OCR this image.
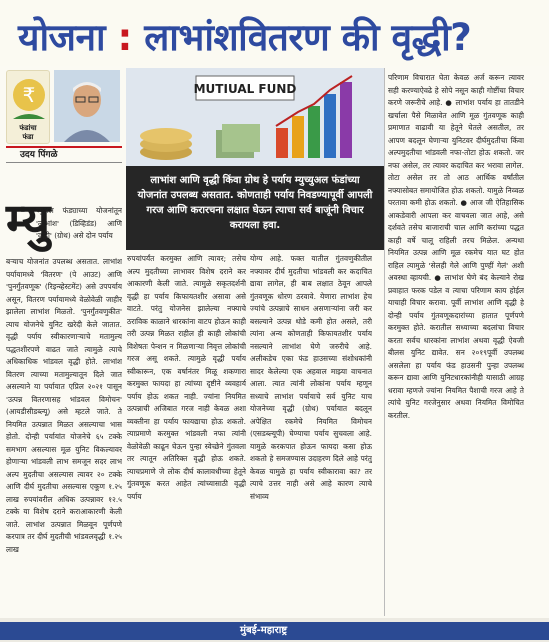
योजना : लाभांशवितरण की वृद्धी?
₹
फंडांचा
फंडा
उदय पिंगळे
MUTIUAL FUND
लाभांश आणि वृद्धी किंवा ग्रोथ हे पर्याय म्युच्युअल फंडांच्या योजनांत उपलब्ध असतात. कोणताही पर्याय निवडण्यापूर्वी आपली गरज आणि करारचना लक्षात घेऊन त्याचा सर्व बाजूंनी विचार करायला हवा.
म्यु

च्युअल फंड्याच्या योजनांतून 'लाभांश' (डिव्हिडंड) आणि 'वृद्धी' (ग्रोथ) असे दोन पर्याय

बऱ्याच योजनांत उपलब्ध असतात. लाभांश पर्यायामध्ये 'वितरण' (पे आउट) आणि 'पुनर्गुंतवणूक' (रिइन्व्हेस्टमेंट) असे उपपर्याय असून, वितरण पर्यायामध्ये वेळोवेळी जाहीर झालेला लाभांश मिळतो. 'पुनर्गुंतवणुकीत' त्याच योजनेचे युनिट खरेदी केले जातात. वृद्धी पर्याय स्वीकारणाऱ्याचे मतामुल्य पद्धतशीरपणे वाढत जाते त्यामुळे त्याचे अधिकाधिक भांडवल वृद्धी होते. लाभांश वितरण त्याच्या मतामुल्यातून दिले जात असल्याने या पर्यायात एप्रिल २०२१ पासून 'उत्पन्न वितरणासह भांडवल विमोचन' (आयडीसीडब्ल्यू) असे म्हटले जाते. ते नियमित उत्पन्नात मिळत असल्याचा भास होतो. दोन्ही पर्यायांत योजनेचे ६५ टक्के समभाग असल्यास मूळ युनिट विकल्यावर होणाऱ्या भांडवली लाभ समजून सदर लाभ अल्प मुदतीचा असल्यास त्यावर २० टक्के आणि दीर्घ मुदतीचा असल्यास एकूण १.२५ लाख रुपयांवरील अधिक उत्पन्नावर १२.५ टक्के या विशेष दराने कराआकारणी केली जाते. लाभांश उत्पन्नात मिळवून पूर्णपणे करपात्र तर दीर्घ मुदतीची भांडवलवृद्धी १.२५ लाख

रुपयांपर्यंत करमुक्त आणि त्यावर; तसेच अल्प मुदतीच्या लाभावर विशेष दराने कर आकारणी केली जाते. त्यामुळे सकृतदर्शनी वृद्धी हा पर्याय किफायतशीर असावा असे वाटते. परंतु योजनेस झालेल्या नफ्याचे ठराविक काळाने धारकांना वाटप होऊन काही तरी उत्पन्न मिळत राहील ही काही लोकांची विशेषतः पेन्शन न मिळणाऱ्या निवृत्त लोकांची गरज असू शकते. त्यामुळे वृद्धी पर्याय स्वीकारून, एक वर्षानंतर मिळू शकणारा करमुक्त फायदा हा त्यांच्या दृष्टीने व्यवहार्य पर्याय होऊ शकत नाही. ज्यांना नियमित उत्पन्नाची अजिबात गरज नाही केवळ अशा व्यक्तीना हा पर्याय फायद्याचा होऊ शकतो. त्याप्रमाणे करमुक्त भांडवली नफा त्यांनी वेळोवेळी काढून घेऊन पुन्हा स्वेच्छेने गुंतवला तर त्यातून अतिरिक्त वृद्धी होऊ शकते. त्याचप्रमाणे जे लोक दीर्घ कालावधीच्या हेतूने गुंतवणूक करत आहेत त्यांच्यासाठी वृद्धी पर्याय

योग्य आहे. फक्त यातील गुंतवणुकीतील नफ्यावर दीर्घ मुदतीचा भांडवली कर कदाचित द्यावा लागेल, ही बाब लक्षात ठेवून आपले गुंतवणूक धोरण ठरवावे. येणारा लाभांश हेच ज्यांचे उत्पन्नाचे साधन असणाऱ्यांना जरी कर बसल्याने उत्पन्न थोडे कमी होत असले, तरी त्यांना अन्य कोणताही किफायतशीर पर्याय नसल्याने लाभांश घेणे जरुरीचे आहे. अलीकडेच एका फंड हाउसच्या संशोधकांनी सादर केलेल्या एक अहवाल माझ्या वाचनात आला. त्यात त्यांनी लोकांना पर्याय म्हणून सध्याचे लाभांश पर्यायाचे सर्व युनिट याच योजनेच्या वृद्धी (ग्रोथ) पर्यायात बदलून अपेक्षित रकमेचे नियमित विमोचन (एसडब्ल्यूपी) घेण्याचा पर्याय सुचवला आहे. यामुळे करकपात होऊन फायदा कसा होऊ शकतो हे समजण्यास उदाहरण दिले आहे परंतु केवळ यामुळे हा पर्याय स्वीकारावा का? तर त्याचे उत्तर नाही असे आहे कारण त्याचे संभाव्य

परिणाम विचारात घेता केवळ अर्ज करून त्यावर सही करण्याऐवढे हे सोपे नसून काही गोष्टींचा विचार करणे जरूरीचे आहे. ● लाभांश पर्याय हा तातडीने खर्चाला पैसे मिळावेत आणि मूळ गुंतवणूक काही प्रमाणात वाढावी या हेतूने घेतले असतील, तर आपण बदलून घेणाऱ्या युनिटवर दीर्घमुदतीचा किंवा अल्पमुदतीचा भांडवली नफा-तोटा होऊ शकतो. जर नफा असेल, तर त्यावर कदाचित कर भरावा लागेल. तोटा असेल तर तो आठ आर्थिक वर्षांतील नफ्यासोबत समायोजित होऊ शकतो. यामुळे निव्वळ परतावा कमी होऊ शकतो. ● आज जी ऐतिहासिक आकडेवारी आपला कर वाचवला जात आहे, असे दर्शवते तसेच बाजाराची चाल आणि करांच्या पद्धत काही वर्षे चालू राहिली तरच मिळेल. अन्यथा नियमित उत्पन्न आणि मूळ रकमेच यात घट होत राहिल त्यामुळे 'सेलही गेले आणि पुण्हीं गेलं' अशी अवस्था व्हायची. ● लाभांश घेणे बंद केल्याने रोख प्रवाहात फरक पडेल व त्याचा परिणाम काय होईल याचाही विचार करावा. पूर्वी लाभांश आणि वृद्धी हे दोन्ही पर्याय गुंतवणूकदारांच्या हातात पूर्णपणे करमुक्त होते. करातील सध्याच्या बदलांचा विचार करता सर्वच धारकांना लाभांश अथवा वृद्धी ऐवजी बीलस युनिट द्यावेत. सन २०१९पूर्वी उपलब्ध असलेला हा पर्याय फंड हाउसनी पुन्हा उपलब्ध करून द्यावा आणि युनिटधारकांनीही यासाठी आग्रह धरावा म्हणजे ज्यांना नियमित पैशाची गरज आहे ते त्यांचे युनिट गरजेनुसार अथवा नियमित विमोचित करतील.

मुंबई-महाराष्ट्र
